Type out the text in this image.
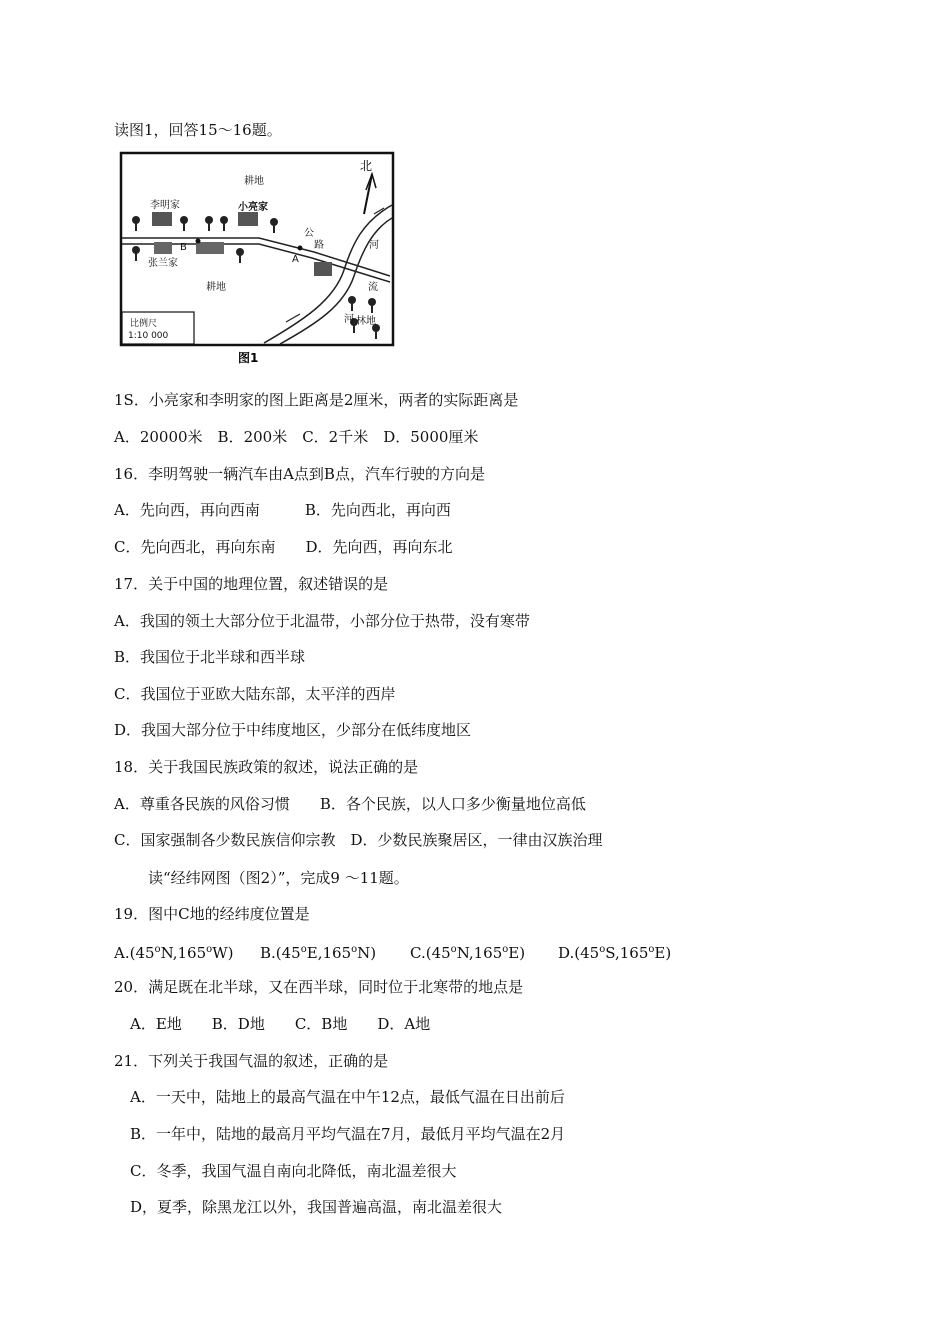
读图1，回答15～16题。
北
耕地
李明家	小亮家
B
张兰家	A
公
路	河
流
河
耕地
林地
比例尺
1:10 000
图1
1S．小亮家和李明家的图上距离是2厘米，两者的实际距离是
A．20000米　B．200米　C．2千米　D．5000厘米
16．李明驾驶一辆汽车由A点到B点，汽车行驶的方向是
A．先向西，再向西南　　　B．先向西北，再向西
C．先向西北，再向东南　　D．先向西，再向东北
17．关于中国的地理位置，叙述错误的是
A．我国的领土大部分位于北温带，小部分位于热带，没有寒带
B．我国位于北半球和西半球
C．我国位于亚欧大陆东部，太平洋的西岸
D．我国大部分位于中纬度地区，少部分在低纬度地区
18．关于我国民族政策的叙述，说法正确的是
A．尊重各民族的风俗习惯　　B．各个民族，以人口多少衡量地位高低
C．国家强制各少数民族信仰宗教　D．少数民族聚居区，一律由汉族治理
读“经纬网图（图2）”，完成9 ～11题。
19．图中C地的经纬度位置是
A.(45$^o$N,165$^o$W) B.(45$^o$E,165$^o$N) C.(45$^o$N,165$^o$E) D.(45$^o$S,165$^o$E)
20．满足既在北半球，又在西半球，同时位于北寒带的地点是
A．E地　　B．D地　　C．B地　　D．A地
21．下列关于我国气温的叙述，正确的是
A．一天中，陆地上的最高气温在中午12点，最低气温在日出前后
B．一年中，陆地的最高月平均气温在7月，最低月平均气温在2月
C．冬季，我国气温自南向北降低，南北温差很大
D，夏季，除黑龙江以外，我国普遍高温，南北温差很大
